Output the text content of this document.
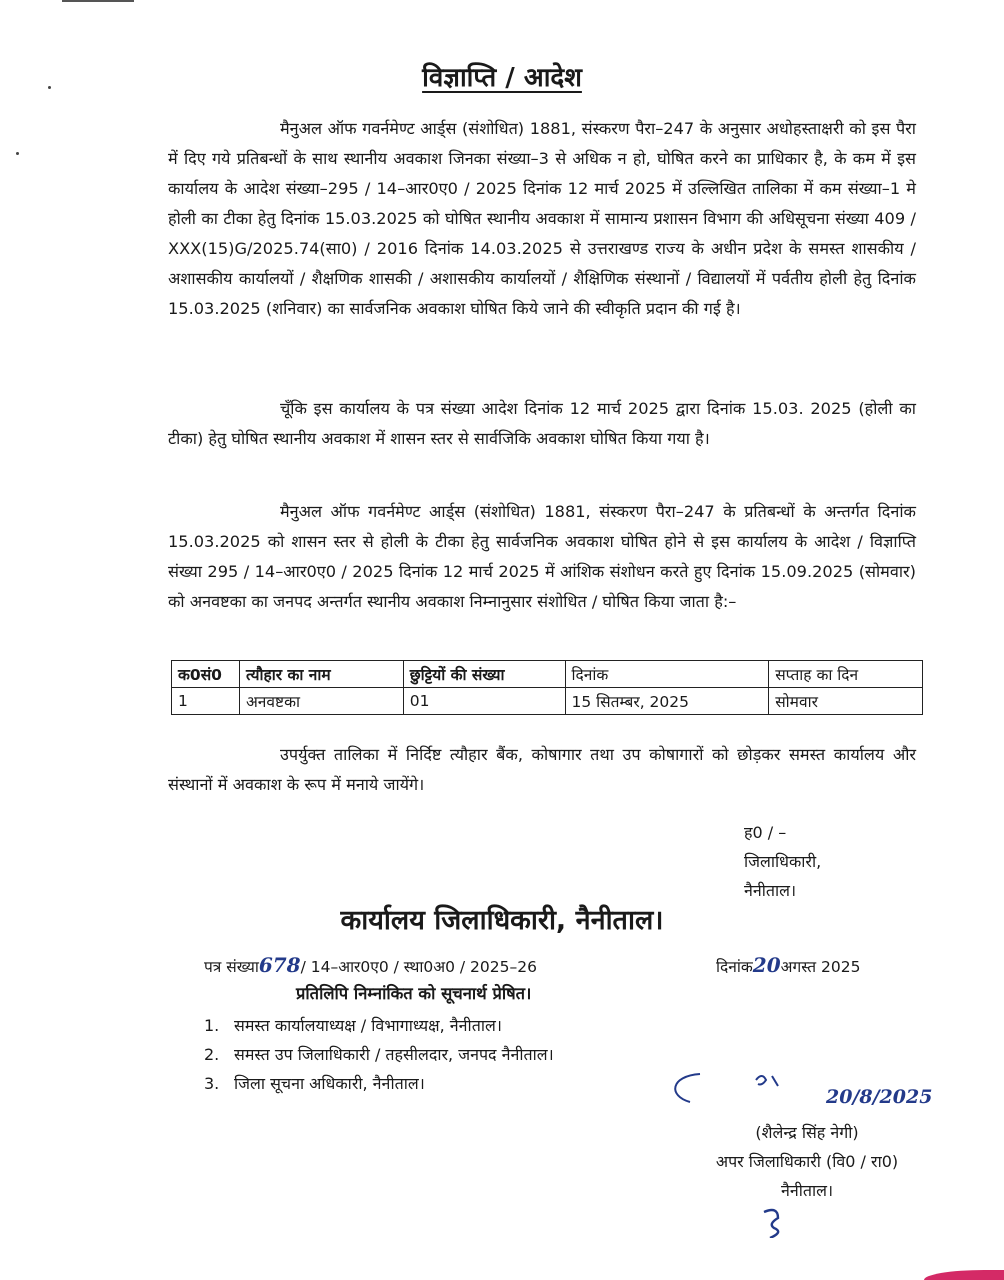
विज्ञाप्ति / आदेश
मैनुअल ऑफ गवर्नमेण्ट आर्ड्स (संशोधित) 1881, संस्करण पैरा–247 के अनुसार अधोहस्ताक्षरी को इस पैरा में दिए गये प्रतिबन्धों के साथ स्थानीय अवकाश जिनका संख्या–3 से अधिक न हो, घोषित करने का प्राधिकार है, के कम में इस कार्यालय के आदेश संख्या–295 / 14–आर0ए0 / 2025 दिनांक 12 मार्च 2025 में उल्लिखित तालिका में कम संख्या–1 मे होली का टीका हेतु दिनांक 15.03.2025 को घोषित स्थानीय अवकाश में सामान्य प्रशासन विभाग की अधिसूचना संख्या 409 / XXX(15)G/2025.74(सा0) / 2016 दिनांक 14.03.2025 से उत्तराखण्ड राज्य के अधीन प्रदेश के समस्त शासकीय / अशासकीय कार्यालयों / शैक्षणिक शासकी / अशासकीय कार्यालयों / शैक्षिणिक संस्थानों / विद्यालयों में पर्वतीय होली हेतु दिनांक 15.03.2025 (शनिवार) का सार्वजनिक अवकाश घोषित किये जाने की स्वीकृति प्रदान की गई है।
चूँकि इस कार्यालय के पत्र संख्या आदेश दिनांक 12 मार्च 2025 द्वारा दिनांक 15.03. 2025 (होली का टीका) हेतु घोषित स्थानीय अवकाश में शासन स्तर से सार्वजिकि अवकाश घोषित किया गया है।
मैनुअल ऑफ गवर्नमेण्ट आर्ड्स (संशोधित) 1881, संस्करण पैरा–247 के प्रतिबन्धों के अन्तर्गत दिनांक 15.03.2025 को शासन स्तर से होली के टीका हेतु सार्वजनिक अवकाश घोषित होने से इस कार्यालय के आदेश / विज्ञाप्ति संख्या 295 / 14–आर0ए0 / 2025 दिनांक 12 मार्च 2025 में आंशिक संशोधन करते हुए दिनांक 15.09.2025 (सोमवार) को अनवष्टका का जनपद अन्तर्गत स्थानीय अवकाश निम्नानुसार संशोधित / घोषित किया जाता है:–
क0सं0	त्यौहार का नाम	छुट्टियों की संख्या	दिनांक	सप्ताह का दिन
1	अनवष्टका	01	15 सितम्बर, 2025	सोमवार
उपर्युक्त तालिका में निर्दिष्ट त्यौहार बैंक, कोषागार तथा उप कोषागारों को छोड़कर समस्त कार्यालय और संस्थानों में अवकाश के रूप में मनाये जायेंगे।
ह0 / –
जिलाधिकारी,
नैनीताल।
कार्यालय जिलाधिकारी, नैनीताल।
पत्र संख्या678/ 14–आर0ए0 / स्था0अ0 / 2025–26	दिनांक20अगस्त 2025
प्रतिलिपि निम्नांकित को सूचनार्थ प्रेषित।
1. समस्त कार्यालयाध्यक्ष / विभागाध्यक्ष, नैनीताल।
2. समस्त उप जिलाधिकारी / तहसीलदार, जनपद नैनीताल।
3. जिला सूचना अधिकारी, नैनीताल।
20/8/2025
(शैलेन्द्र सिंह नेगी)
अपर जिलाधिकारी (वि0 / रा0)
नैनीताल।
